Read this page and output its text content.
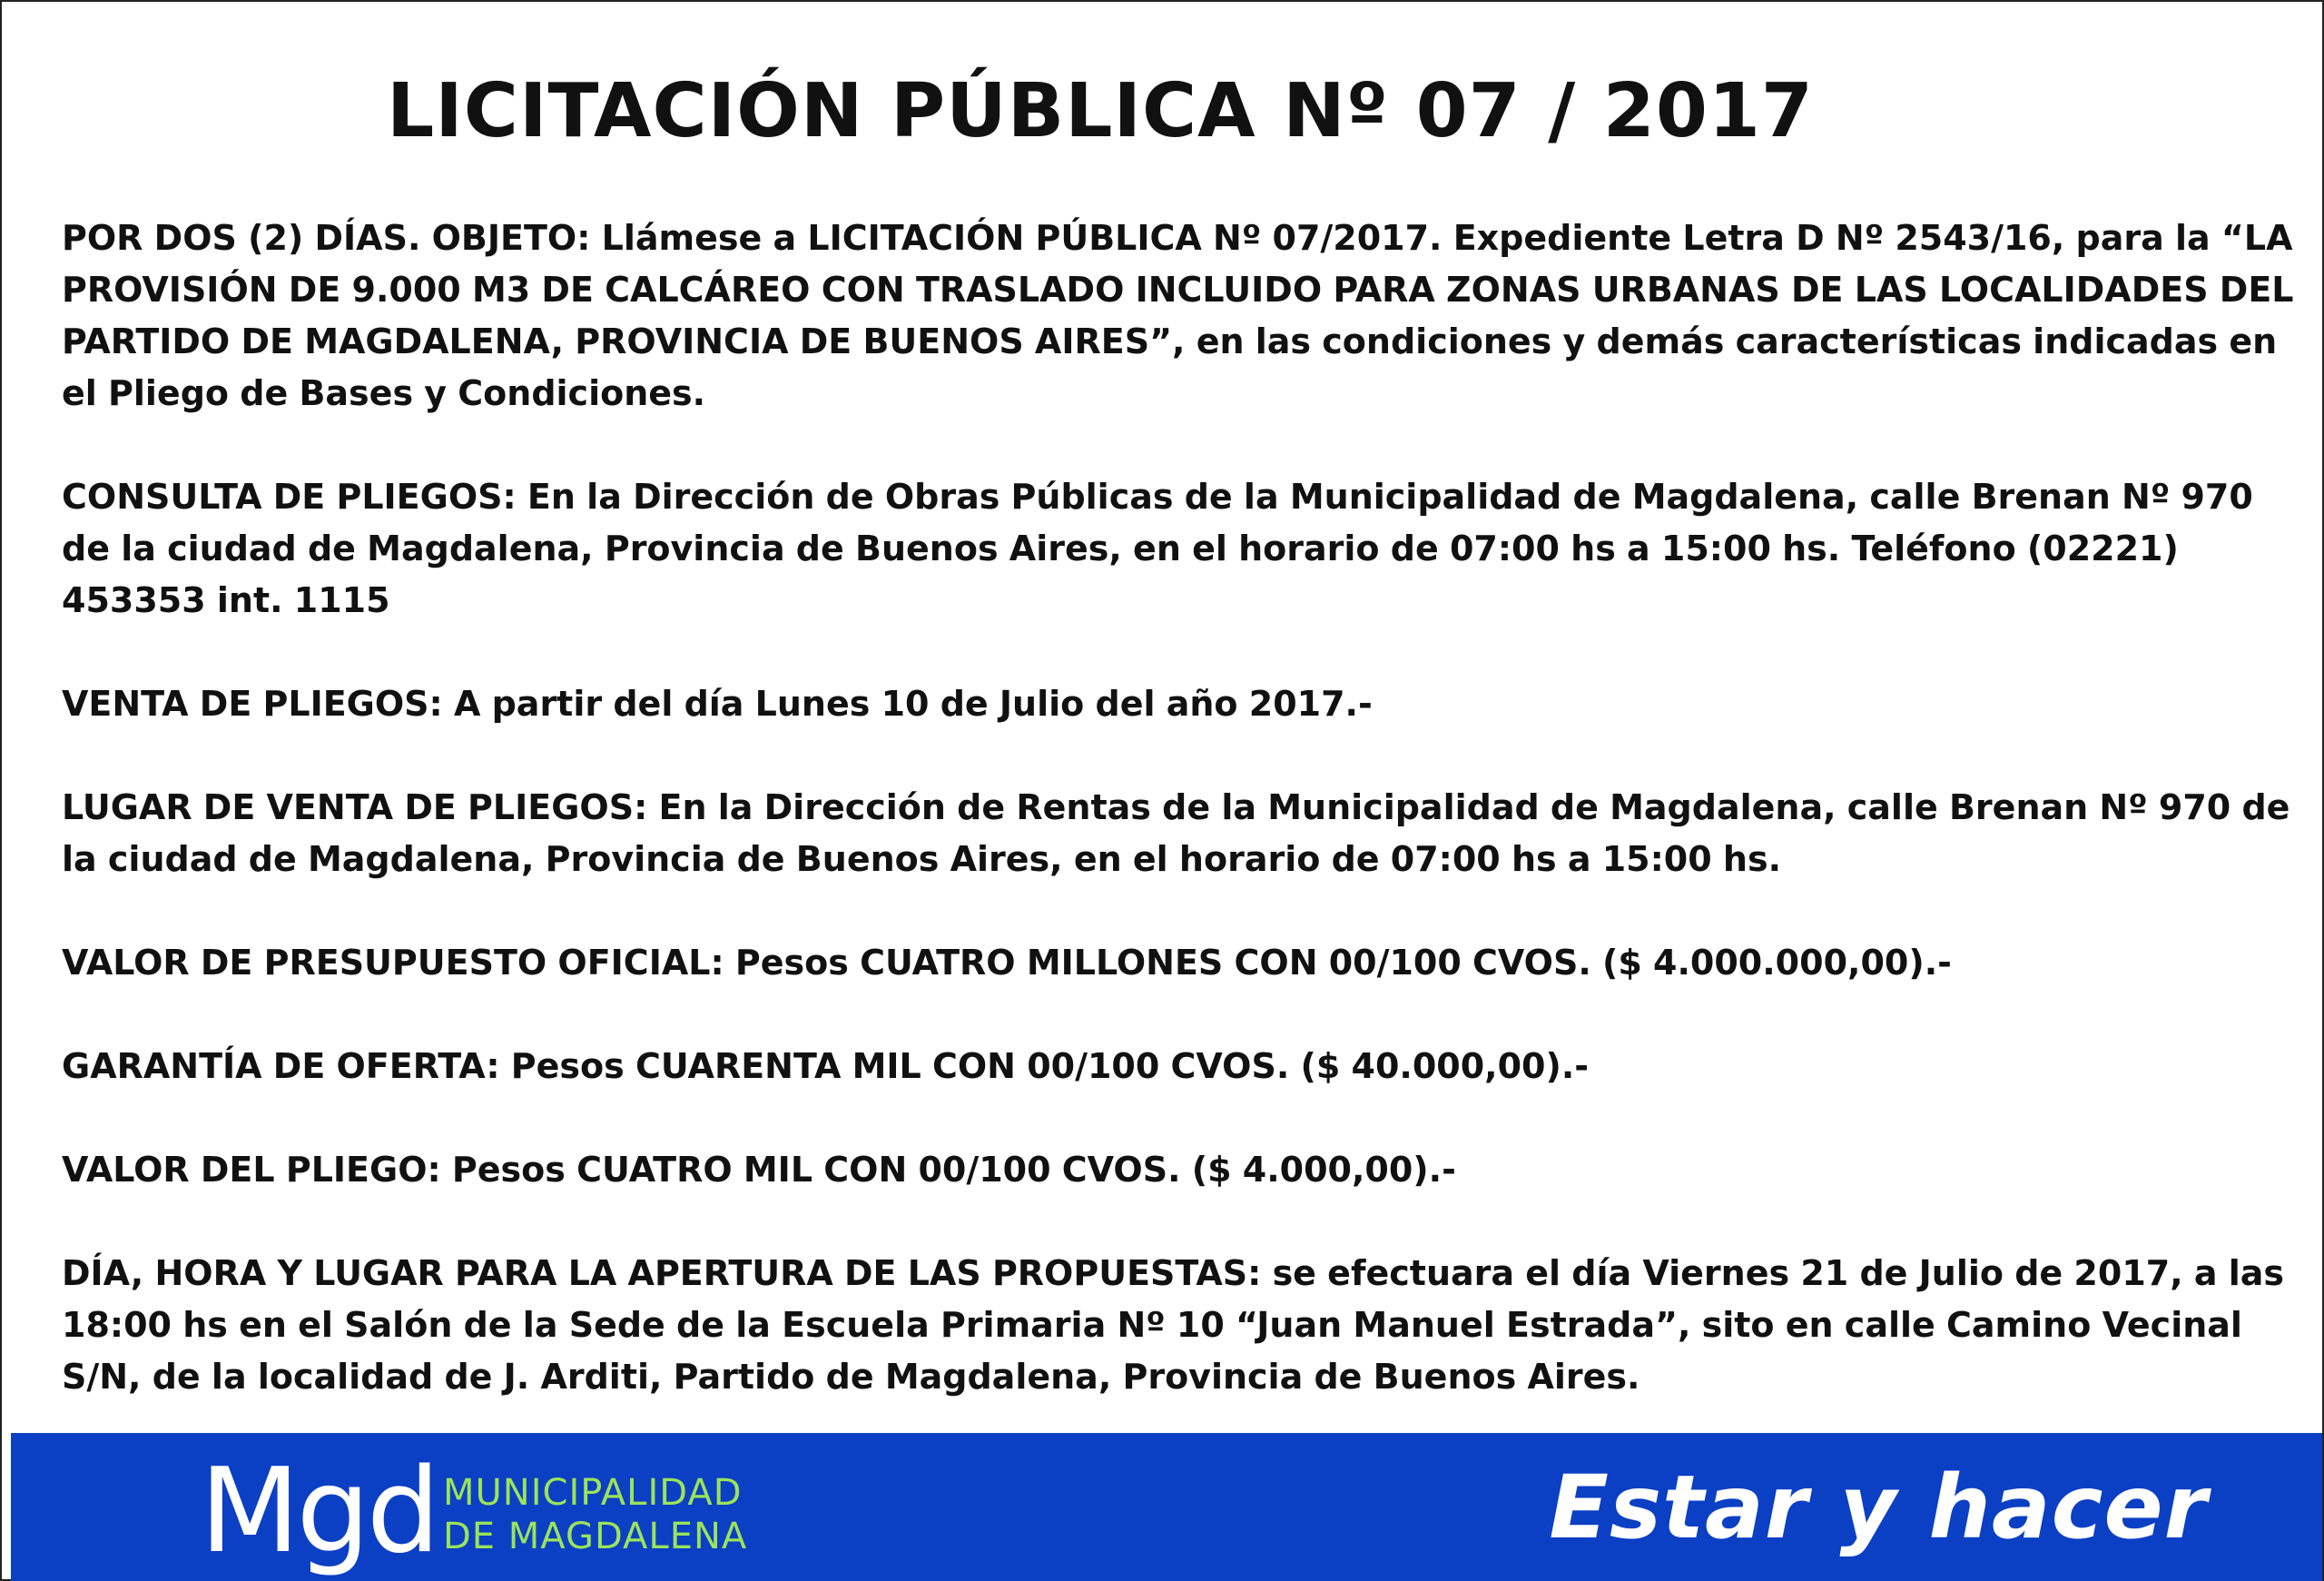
LICITACIÓN PÚBLICA Nº 07 / 2017

POR DOS (2) DÍAS. OBJETO: Llámese a LICITACIÓN PÚBLICA Nº 07/2017. Expediente Letra D Nº 2543/16, para la “LA PROVISIÓN DE 9.000 M3 DE CALCÁREO CON TRASLADO INCLUIDO PARA ZONAS URBANAS DE LAS LOCALIDADES DEL PARTIDO DE MAGDALENA, PROVINCIA DE BUENOS AIRES”, en las condiciones y demás características indicadas en el Pliego de Bases y Condiciones.

CONSULTA DE PLIEGOS: En la Dirección de Obras Públicas de la Municipalidad de Magdalena, calle Brenan Nº 970 de la ciudad de Magdalena, Provincia de Buenos Aires, en el horario de 07:00 hs a 15:00 hs. Teléfono (02221) 453353 int. 1115

VENTA DE PLIEGOS: A partir del día Lunes 10 de Julio del año 2017.-

LUGAR DE VENTA DE PLIEGOS: En la Dirección de Rentas de la Municipalidad de Magdalena, calle Brenan Nº 970 de la ciudad de Magdalena, Provincia de Buenos Aires, en el horario de 07:00 hs a 15:00 hs.

VALOR DE PRESUPUESTO OFICIAL: Pesos CUATRO MILLONES CON 00/100 CVOS. ($ 4.000.000,00).-

GARANTÍA DE OFERTA: Pesos CUARENTA MIL CON 00/100 CVOS. ($ 40.000,00).-

VALOR DEL PLIEGO: Pesos CUATRO MIL CON 00/100 CVOS. ($ 4.000,00).-

DÍA, HORA Y LUGAR PARA LA APERTURA DE LAS PROPUESTAS: se efectuara el día Viernes 21 de Julio de 2017, a las 18:00 hs en el Salón de la Sede de la Escuela Primaria Nº 10 “Juan Manuel Estrada”, sito en calle Camino Vecinal S/N, de la localidad de J. Arditi, Partido de Magdalena, Provincia de Buenos Aires.

Mgd MUNICIPALIDAD
DE MAGDALENA	Estar y hacer
